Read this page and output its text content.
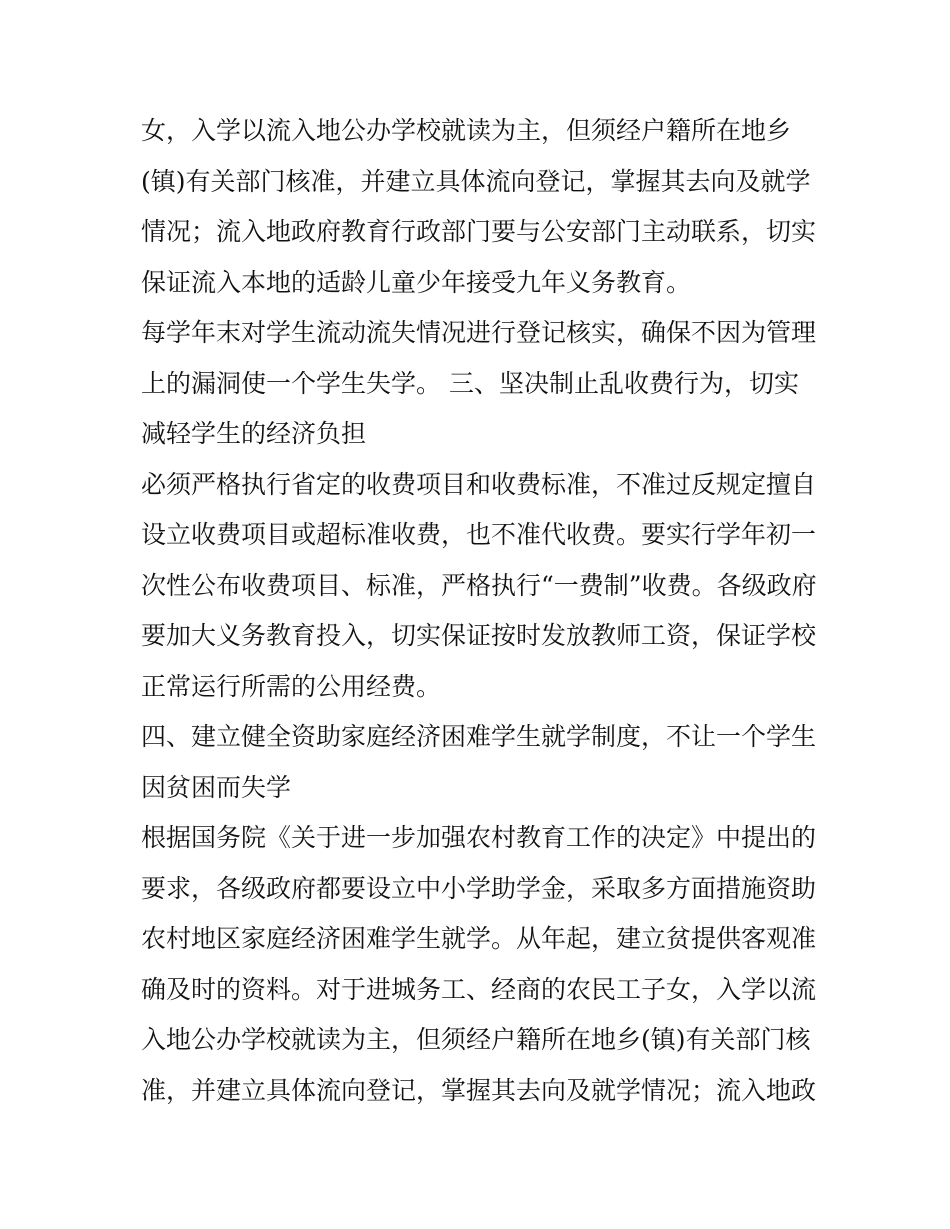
女，入学以流入地公办学校就读为主，但须经户籍所在地乡
(镇)有关部门核准，并建立具体流向登记，掌握其去向及就学
情况；流入地政府教育行政部门要与公安部门主动联系，切实
保证流入本地的适龄儿童少年接受九年义务教育。
每学年末对学生流动流失情况进行登记核实，确保不因为管理
上的漏洞使一个学生失学。 三、坚决制止乱收费行为，切实
减轻学生的经济负担
必须严格执行省定的收费项目和收费标准，不准过反规定擅自
设立收费项目或超标准收费，也不准代收费。要实行学年初一
次性公布收费项目、标准，严格执行“一费制”收费。各级政府
要加大义务教育投入，切实保证按时发放教师工资，保证学校
正常运行所需的公用经费。
四、建立健全资助家庭经济困难学生就学制度，不让一个学生
因贫困而失学
根据国务院《关于进一步加强农村教育工作的决定》中提出的
要求，各级政府都要设立中小学助学金，采取多方面措施资助
农村地区家庭经济困难学生就学。从年起，建立贫提供客观准
确及时的资料。对于进城务工、经商的农民工子女，入学以流
入地公办学校就读为主，但须经户籍所在地乡(镇)有关部门核
准，并建立具体流向登记，掌握其去向及就学情况；流入地政
